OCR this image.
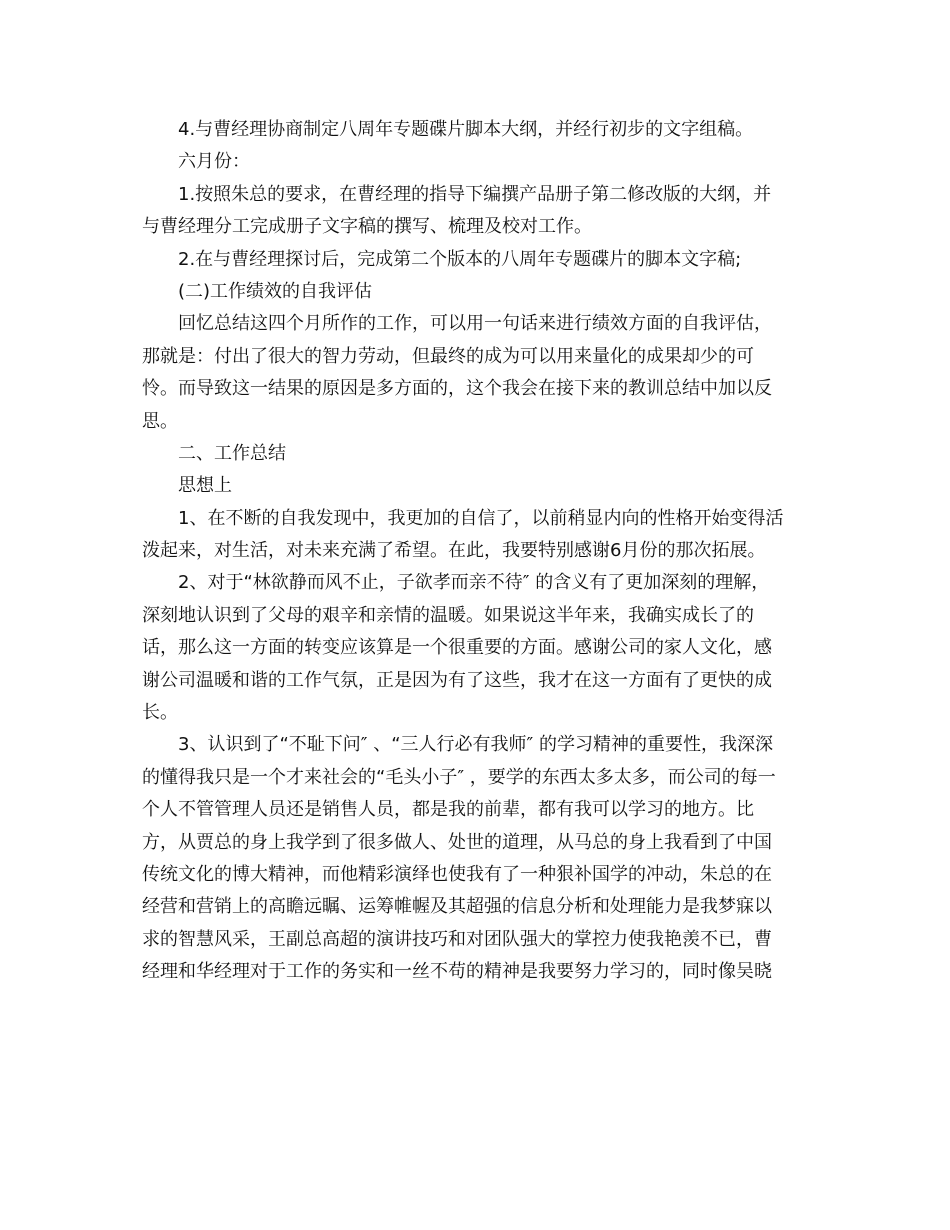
4.与曹经理协商制定八周年专题碟片脚本大纲，并经行初步的文字组稿。
六月份：
1.按照朱总的要求，在曹经理的指导下编撰产品册子第二修改版的大纲，并
与曹经理分工完成册子文字稿的撰写、梳理及校对工作。
2.在与曹经理探讨后，完成第二个版本的八周年专题碟片的脚本文字稿;
(二)工作绩效的自我评估
回忆总结这四个月所作的工作，可以用一句话来进行绩效方面的自我评估，
那就是：付出了很大的智力劳动，但最终的成为可以用来量化的成果却少的可
怜。而导致这一结果的原因是多方面的，这个我会在接下来的教训总结中加以反
思。
二、工作总结
思想上
1、在不断的自我发现中，我更加的自信了，以前稍显内向的性格开始变得活
泼起来，对生活，对未来充满了希望。在此，我要特别感谢6月份的那次拓展。
2、对于“林欲静而风不止，子欲孝而亲不待″ 的含义有了更加深刻的理解，
深刻地认识到了父母的艰辛和亲情的温暖。如果说这半年来，我确实成长了的
话，那么这一方面的转变应该算是一个很重要的方面。感谢公司的家人文化，感
谢公司温暖和谐的工作气氛，正是因为有了这些，我才在这一方面有了更快的成
长。
3、认识到了“不耻下问″ 、“三人行必有我师″ 的学习精神的重要性，我深深
的懂得我只是一个才来社会的“毛头小子″ ，要学的东西太多太多，而公司的每一
个人不管管理人员还是销售人员，都是我的前辈，都有我可以学习的地方。比
方，从贾总的身上我学到了很多做人、处世的道理，从马总的身上我看到了中国
传统文化的博大精神，而他精彩演绎也使我有了一种狠补国学的冲动，朱总的在
经营和营销上的高瞻远瞩、运筹帷幄及其超强的信息分析和处理能力是我梦寐以
求的智慧风采，王副总高超的演讲技巧和对团队强大的掌控力使我艳羡不已，曹
经理和华经理对于工作的务实和一丝不苟的精神是我要努力学习的，同时像吴晓
